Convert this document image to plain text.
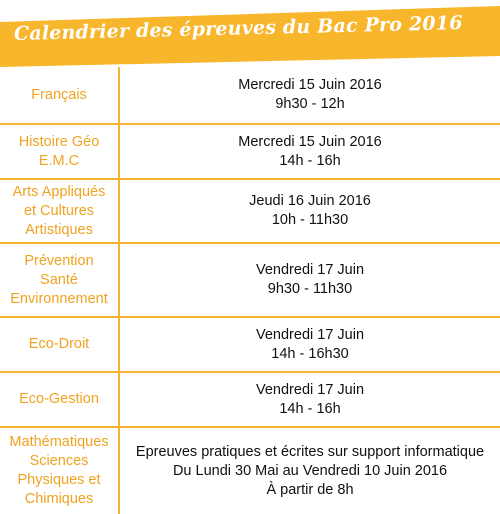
Calendrier des épreuves du Bac Pro 2016
Français	Mercredi 15 Juin 2016
9h30 - 12h

Histoire Géo
E.M.C	Mercredi 15 Juin 2016
14h - 16h

Arts Appliqués
et Cultures
Artistiques	Jeudi 16 Juin 2016
10h - 11h30

Prévention
Santé
Environnement	Vendredi 17 Juin
9h30 - 11h30

Eco-Droit	Vendredi 17 Juin
14h - 16h30

Eco-Gestion	Vendredi 17 Juin
14h - 16h

Mathématiques
Sciences
Physiques et
Chimiques	Epreuves pratiques et écrites sur support informatique
Du Lundi 30 Mai au Vendredi 10 Juin 2016
À partir de 8h
